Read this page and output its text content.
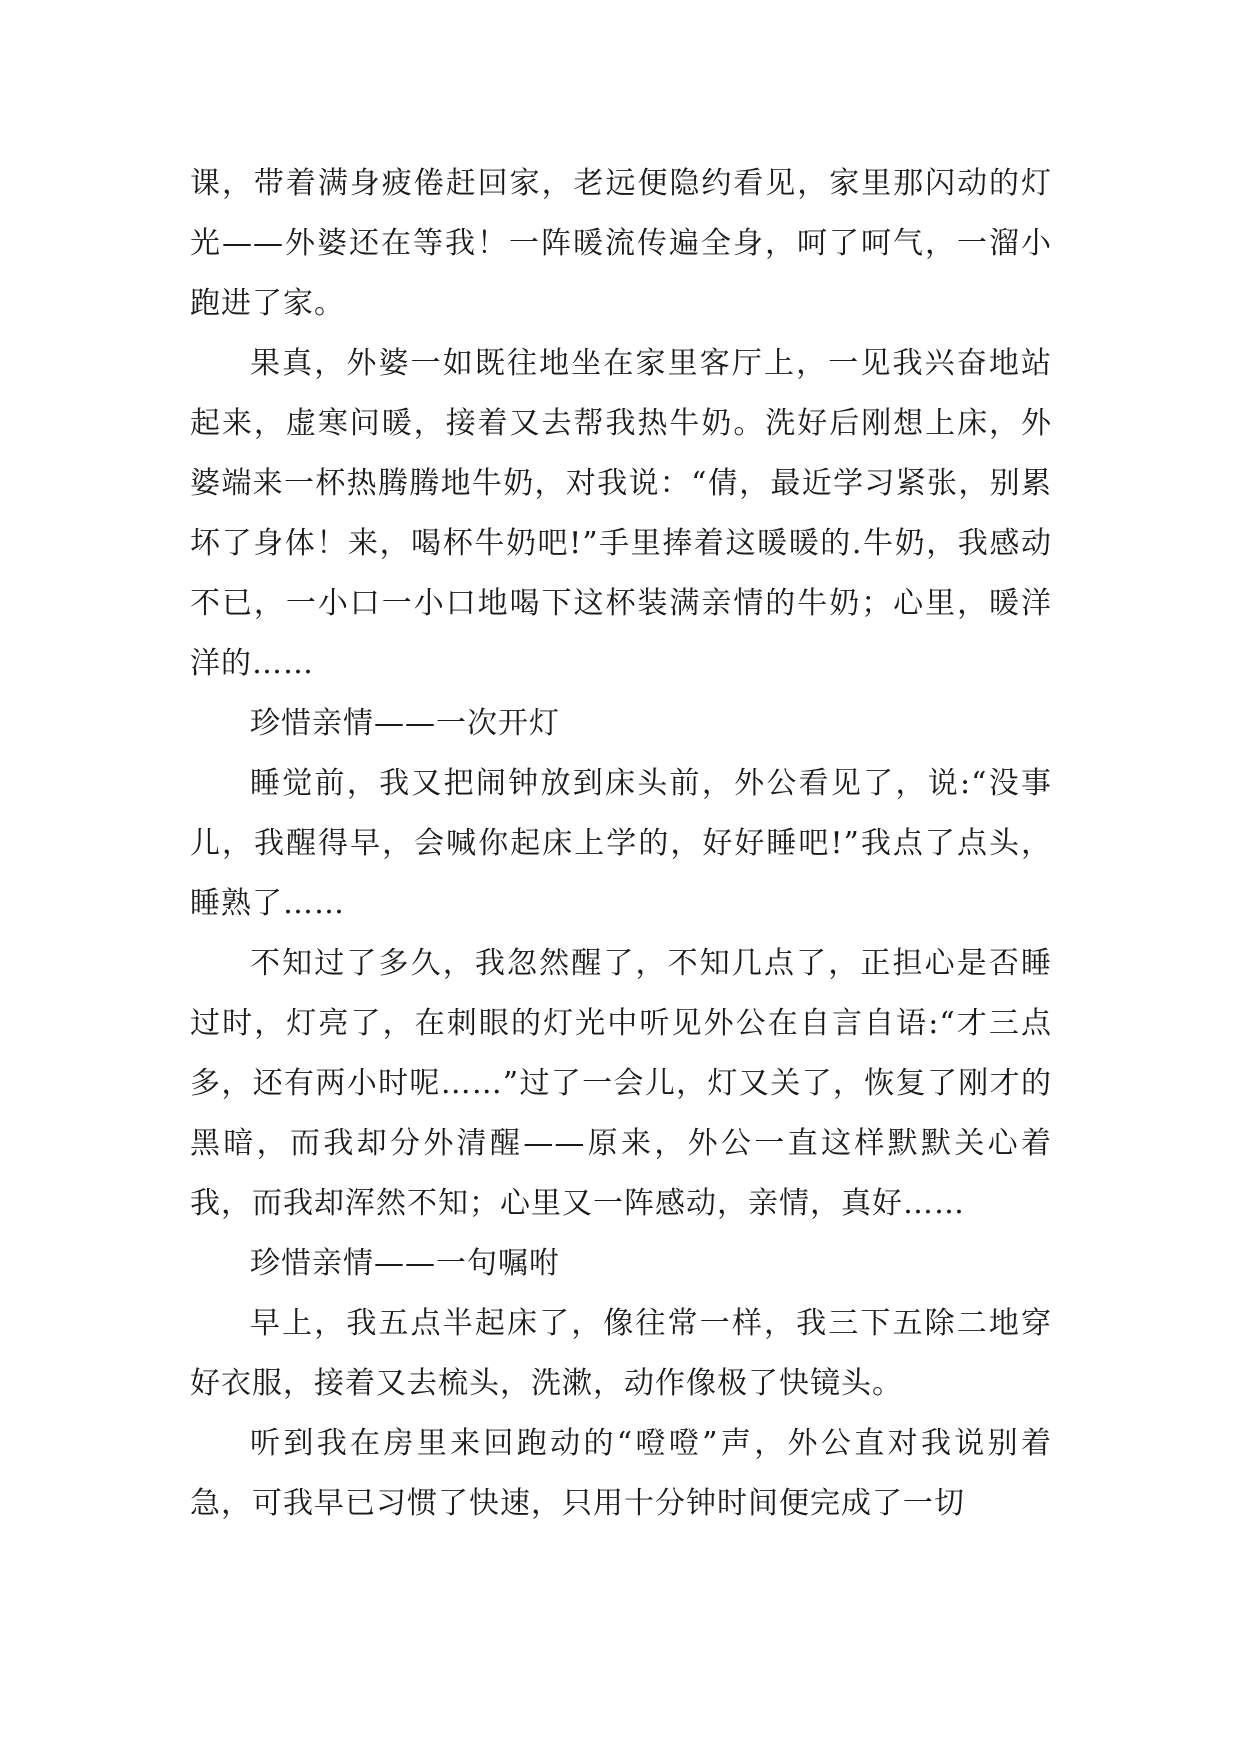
课，带着满身疲倦赶回家，老远便隐约看见，家里那闪动的灯光——外婆还在等我！一阵暖流传遍全身，呵了呵气，一溜小跑进了家。

果真，外婆一如既往地坐在家里客厅上，一见我兴奋地站起来，虚寒问暖，接着又去帮我热牛奶。洗好后刚想上床，外婆端来一杯热腾腾地牛奶，对我说：“倩，最近学习紧张，别累坏了身体！来，喝杯牛奶吧!”手里捧着这暖暖的.牛奶，我感动不已，一小口一小口地喝下这杯装满亲情的牛奶；心里，暖洋洋的……

珍惜亲情——一次开灯

睡觉前，我又把闹钟放到床头前，外公看见了，说:“没事儿，我醒得早，会喊你起床上学的，好好睡吧!”我点了点头，睡熟了……

不知过了多久，我忽然醒了，不知几点了，正担心是否睡过时，灯亮了，在刺眼的灯光中听见外公在自言自语:“才三点多，还有两小时呢……”过了一会儿，灯又关了，恢复了刚才的黑暗，而我却分外清醒——原来，外公一直这样默默关心着我，而我却浑然不知；心里又一阵感动，亲情，真好……

珍惜亲情——一句嘱咐

早上，我五点半起床了，像往常一样，我三下五除二地穿好衣服，接着又去梳头，洗漱，动作像极了快镜头。

听到我在房里来回跑动的“噔噔”声，外公直对我说别着急，可我早已习惯了快速，只用十分钟时间便完成了一切
